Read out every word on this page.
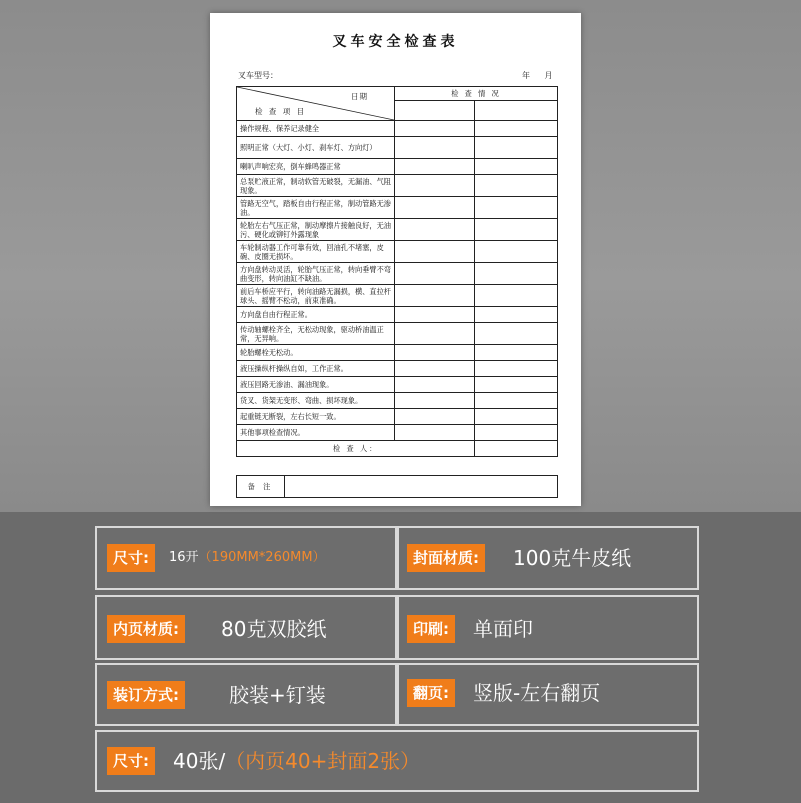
叉车安全检查表
叉车型号：	年 月
日期
检 查 项 目	检 查 情 况	

操作规程、保养记录健全		
照明正常（大灯、小灯、刹车灯、方向灯）		
喇叭声响宏亮，倒车蜂鸣器正常		
总泵贮液正常，制动软管无破裂，无漏油、气阻现象。		
管路无空气，踏板自由行程正常，制动管路无渗油。		
轮胎左右气压正常，制动摩擦片接触良好，无油污、硬化或铆钉外露现象		
车轮制动器工作可靠有效，回油孔不堵塞，皮碗、皮圈无损坏。		
方向盘转动灵活，轮胎气压正常，转向垂臂不弯曲变形，转向油缸不缺油。		
前后车桥应平行，转向油路无漏损，横、直拉杆球头、摇臂不松动，前束准确。		
方向盘自由行程正常。		
传动轴螺栓齐全，无松动现象，驱动桥油温正常，无异响。		
轮胎螺栓无松动。		
液压操纵杆操纵自如，工作正常。		
液压回路无渗油、漏油现象。		
货叉、货架无变形、弯曲、损坏现象。		
起重链无断裂，左右长短一致。		
其他事项检查情况。		
检 查 人：		
备 注	
尺寸:	16开（190MM*260MM）	封面材质:	100克牛皮纸
内页材质:	80克双胶纸	印刷:	单面印
装订方式:	胶装+钉装	翻页:	竖版-左右翻页
尺寸:	40张/（内页40+封面2张）
